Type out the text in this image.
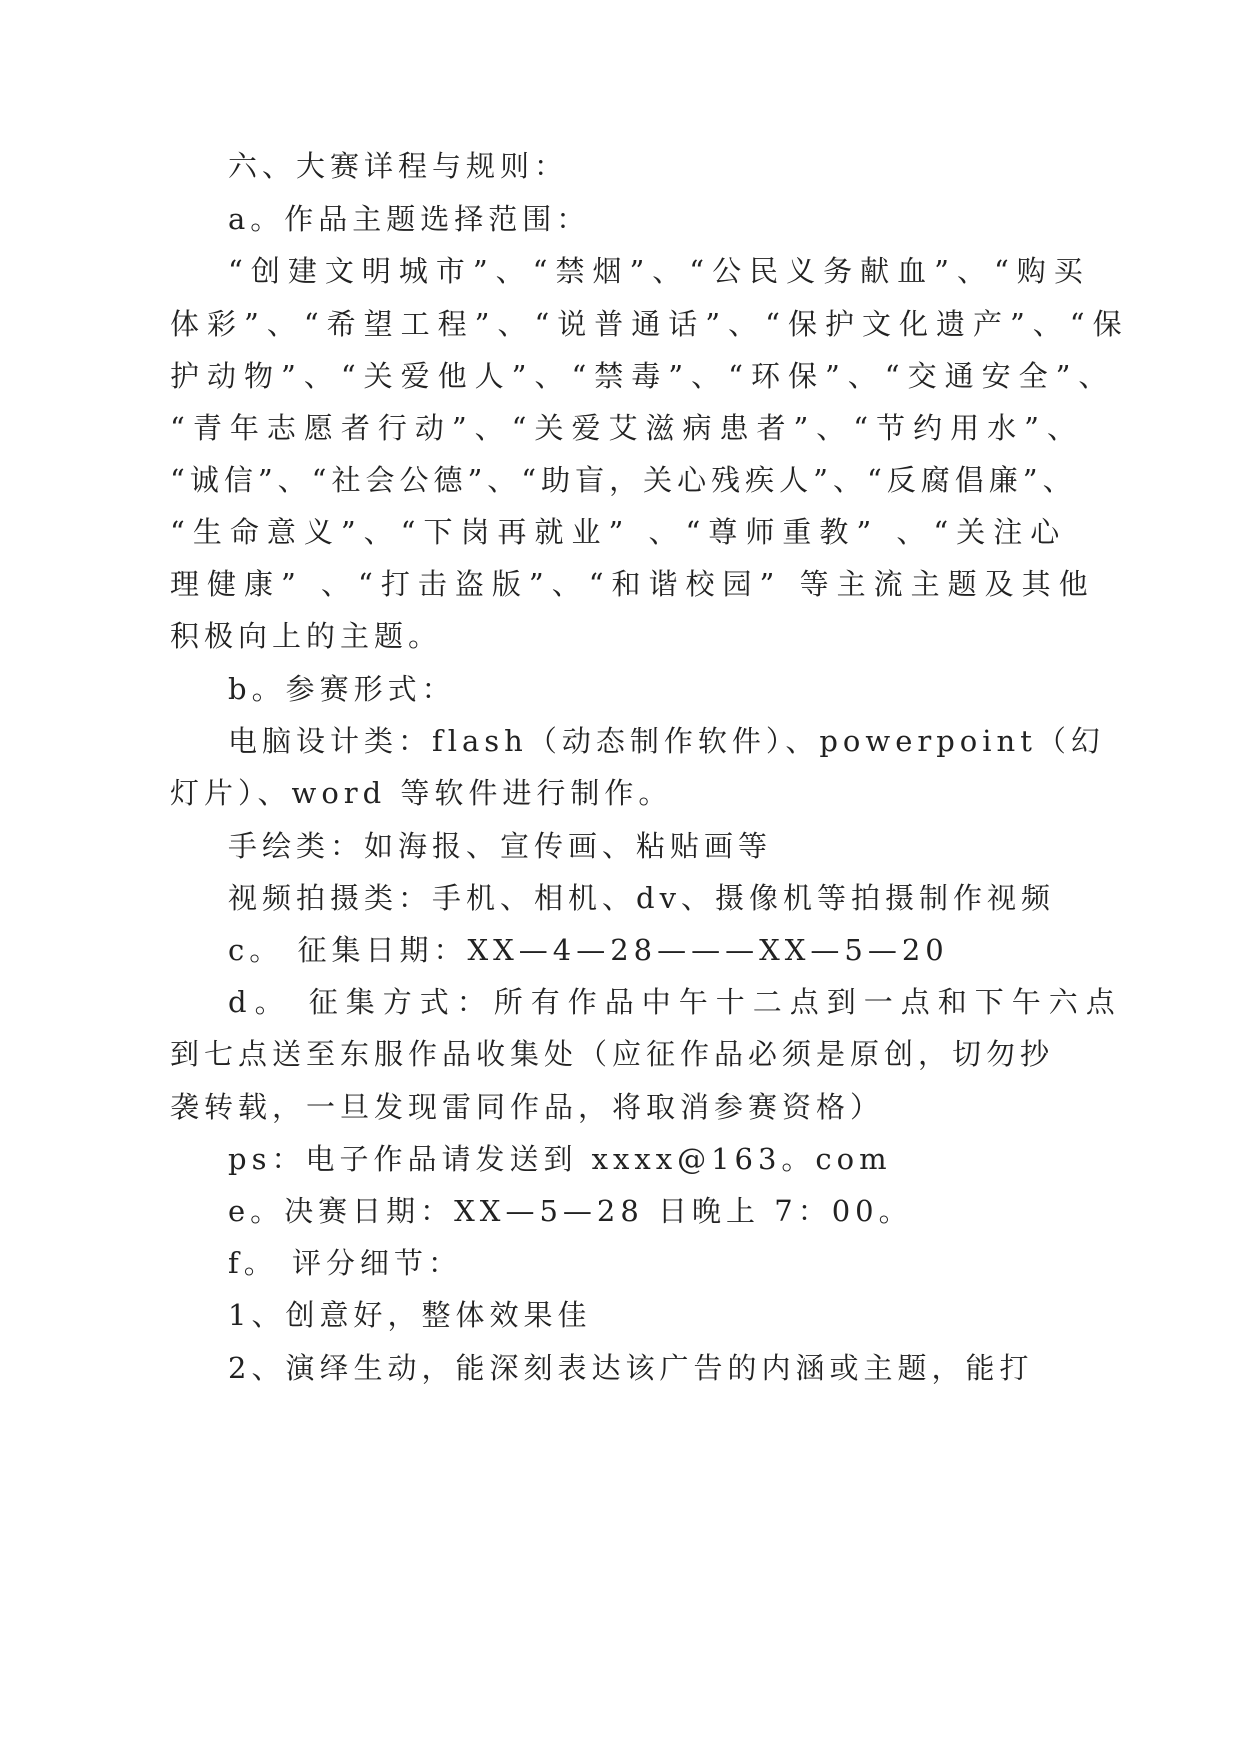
六、大赛详程与规则：
a。作品主题选择范围：
“创建文明城市”、“禁烟”、“公民义务献血”、“购买
体彩”、“希望工程”、“说普通话”、“保护文化遗产”、“保
护动物”、“关爱他人”、“禁毒”、“环保”、“交通安全”、
“青年志愿者行动”、“关爱艾滋病患者”、“节约用水”、
“诚信”、“社会公德”、“助盲，关心残疾人”、“反腐倡廉”、
“生命意义”、“下岗再就业” 、“尊师重教” 、“关注心
理健康” 、“打击盗版”、“和谐校园” 等主流主题及其他
积极向上的主题。
b。参赛形式：
电脑设计类：flash（动态制作软件）、powerpoint（幻
灯片）、word 等软件进行制作。
手绘类：如海报、宣传画、粘贴画等
视频拍摄类：手机、相机、dv、摄像机等拍摄制作视频
c。 征集日期：XX—4—28———XX—5—20
d。 征集方式：所有作品中午十二点到一点和下午六点
到七点送至东服作品收集处（应征作品必须是原创，切勿抄
袭转载，一旦发现雷同作品，将取消参赛资格）
ps：电子作品请发送到 xxxx@163。com
e。决赛日期：XX—5—28 日晚上 7：00。
f。 评分细节：
1、创意好，整体效果佳
2、演绎生动，能深刻表达该广告的内涵或主题，能打
